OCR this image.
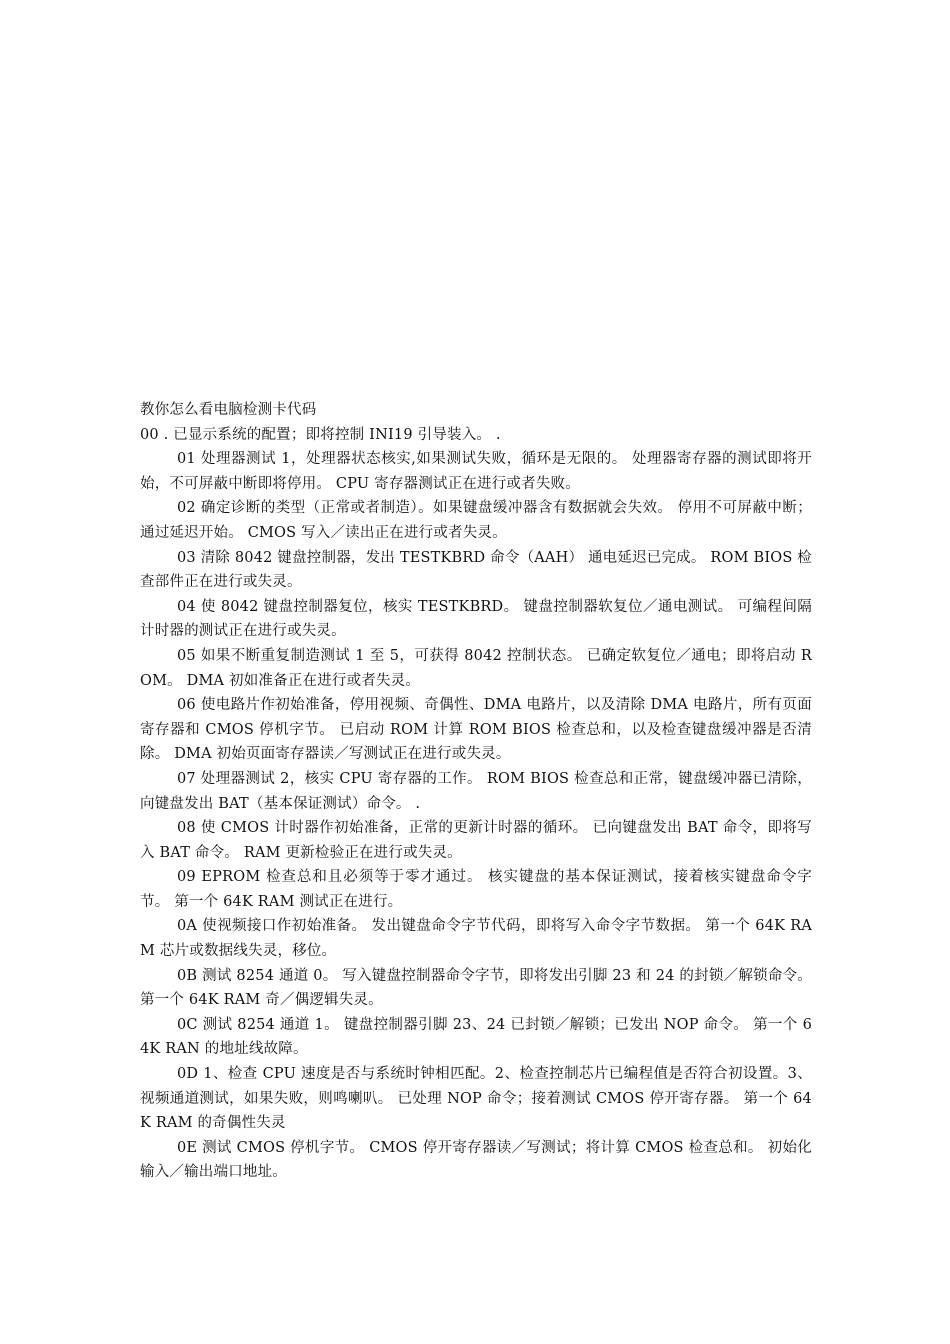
教你怎么看电脑检测卡代码

00 . 已显示系统的配置；即将控制 INI19 引导装入。 .

01 处理器测试 1，处理器状态核实,如果测试失败，循环是无限的。 处理器寄存器的测试即将开始，不可屏蔽中断即将停用。 CPU 寄存器测试正在进行或者失败。

02 确定诊断的类型（正常或者制造）。如果键盘缓冲器含有数据就会失效。 停用不可屏蔽中断；通过延迟开始。 CMOS 写入／读出正在进行或者失灵。

03 清除 8042 键盘控制器，发出 TESTKBRD 命令（AAH） 通电延迟已完成。 ROM BIOS 检查部件正在进行或失灵。

04 使 8042 键盘控制器复位，核实 TESTKBRD。 键盘控制器软复位／通电测试。 可编程间隔计时器的测试正在进行或失灵。

05 如果不断重复制造测试 1 至 5，可获得 8042 控制状态。 已确定软复位／通电；即将启动 ROM。 DMA 初如准备正在进行或者失灵。

06 使电路片作初始准备，停用视频、奇偶性、DMA 电路片，以及清除 DMA 电路片，所有页面寄存器和 CMOS 停机字节。 已启动 ROM 计算 ROM BIOS 检查总和，以及检查键盘缓冲器是否清除。 DMA 初始页面寄存器读／写测试正在进行或失灵。

07 处理器测试 2，核实 CPU 寄存器的工作。 ROM BIOS 检查总和正常，键盘缓冲器已清除，向键盘发出 BAT（基本保证测试）命令。 .

08 使 CMOS 计时器作初始准备，正常的更新计时器的循环。 已向键盘发出 BAT 命令，即将写入 BAT 命令。 RAM 更新检验正在进行或失灵。

09 EPROM 检查总和且必须等于零才通过。 核实键盘的基本保证测试，接着核实键盘命令字节。 第一个 64K RAM 测试正在进行。

0A 使视频接口作初始准备。 发出键盘命令字节代码，即将写入命令字节数据。 第一个 64K RAM 芯片或数据线失灵，移位。

0B 测试 8254 通道 0。 写入键盘控制器命令字节，即将发出引脚 23 和 24 的封锁／解锁命令。 第一个 64K RAM 奇／偶逻辑失灵。

0C 测试 8254 通道 1。 键盘控制器引脚 23、24 已封锁／解锁；已发出 NOP 命令。 第一个 64K RAN 的地址线故障。

0D 1、检查 CPU 速度是否与系统时钟相匹配。2、检查控制芯片已编程值是否符合初设置。3、视频通道测试，如果失败，则鸣喇叭。 已处理 NOP 命令；接着测试 CMOS 停开寄存器。 第一个 64K RAM 的奇偶性失灵

0E 测试 CMOS 停机字节。 CMOS 停开寄存器读／写测试；将计算 CMOS 检查总和。 初始化输入／输出端口地址。
